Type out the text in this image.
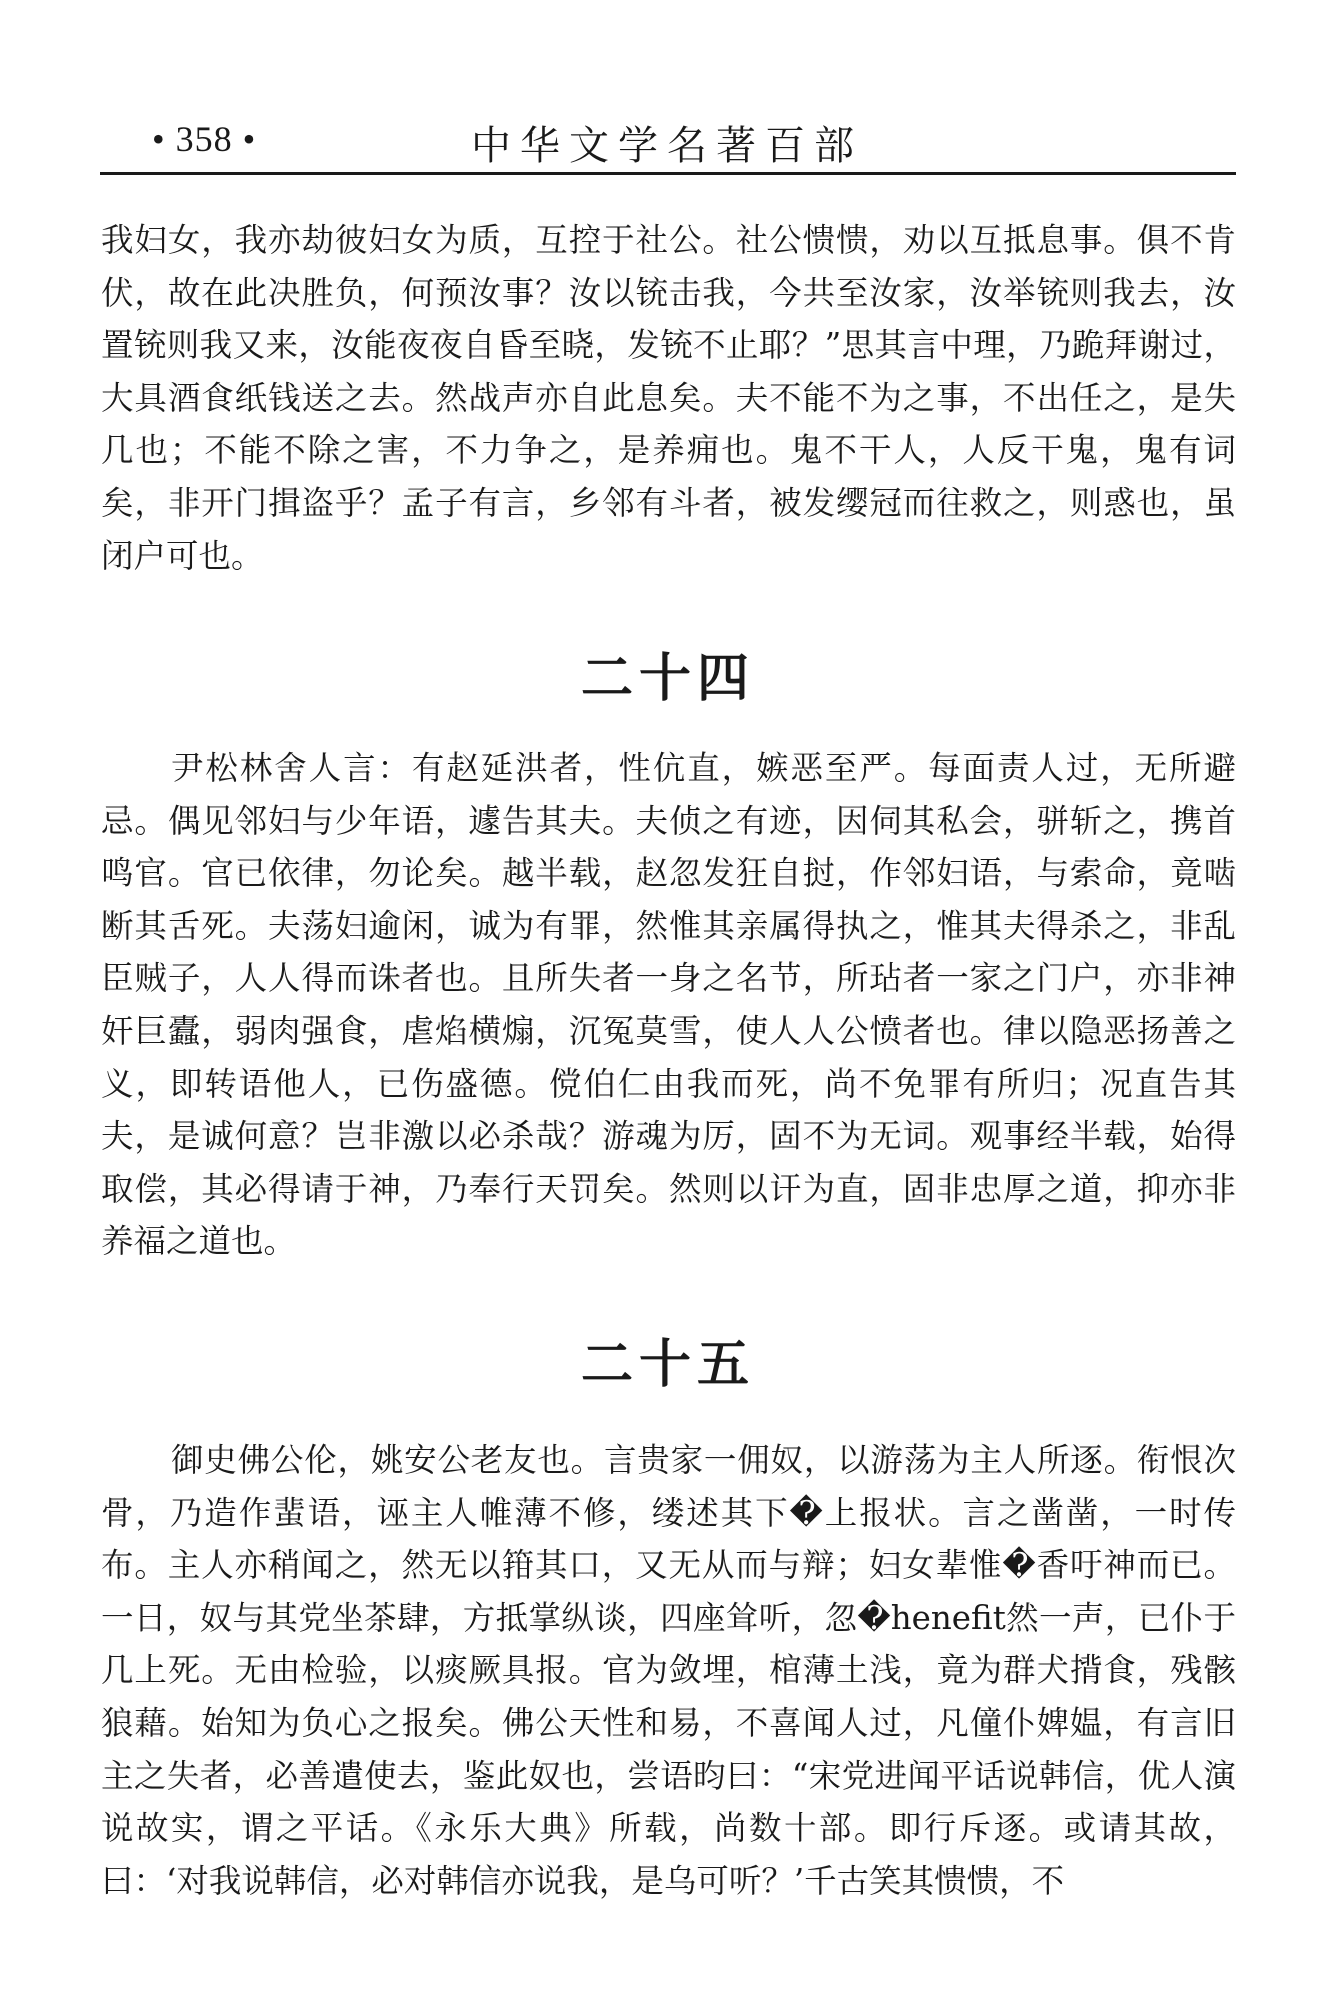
• 358 •	中华文学名著百部

我妇女，我亦劫彼妇女为质，互控于社公。社公愦愦，劝以互抵息事。俱不肯伏，故在此决胜负，何预汝事？汝以铳击我，今共至汝家，汝举铳则我去，汝置铳则我又来，汝能夜夜自昏至晓，发铳不止耶？”思其言中理，乃跪拜谢过，大具酒食纸钱送之去。然战声亦自此息矣。夫不能不为之事，不出任之，是失几也；不能不除之害，不力争之，是养痈也。鬼不干人，人反干鬼，鬼有词矣，非开门揖盗乎？孟子有言，乡邻有斗者，被发缨冠而往救之，则惑也，虽闭户可也。

二十四

尹松林舍人言：有赵延洪者，性伉直，嫉恶至严。每面责人过，无所避忌。偶见邻妇与少年语，遽告其夫。夫侦之有迹，因伺其私会，骈斩之，携首鸣官。官已依律，勿论矣。越半载，赵忽发狂自挝，作邻妇语，与索命，竟啮断其舌死。夫荡妇逾闲，诚为有罪，然惟其亲属得执之，惟其夫得杀之，非乱臣贼子，人人得而诛者也。且所失者一身之名节，所玷者一家之门户，亦非神奸巨蠹，弱肉强食，虐焰横煽，沉冤莫雪，使人人公愤者也。律以隐恶扬善之义，即转语他人，已伤盛德。傥伯仁由我而死，尚不免罪有所归；况直告其夫，是诚何意？岂非激以必杀哉？游魂为厉，固不为无词。观事经半载，始得取偿，其必得请于神，乃奉行天罚矣。然则以讦为直，固非忠厚之道，抑亦非养福之道也。

二十五

御史佛公伦，姚安公老友也。言贵家一佣奴，以游荡为主人所逐。衔恨次骨，乃造作蜚语，诬主人帷薄不修，缕述其下�上报状。言之凿凿，一时传布。主人亦稍闻之，然无以箝其口，又无从而与辩；妇女辈惟�香吁神而已。一日，奴与其党坐茶肆，方抵掌纵谈，四座耸听，忽�henefit然一声，已仆于几上死。无由检验，以痰厥具报。官为敛埋，棺薄土浅，竟为群犬揹食，残骸狼藉。始知为负心之报矣。佛公天性和易，不喜闻人过，凡僮仆婢媪，有言旧主之失者，必善遣使去，鉴此奴也，尝语昀曰：“宋党进闻平话说韩信，优人演说故实，谓之平话。《永乐大典》所载，尚数十部。即行斥逐。或请其故，曰：‘对我说韩信，必对韩信亦说我，是乌可听？’千古笑其愦愦，不
